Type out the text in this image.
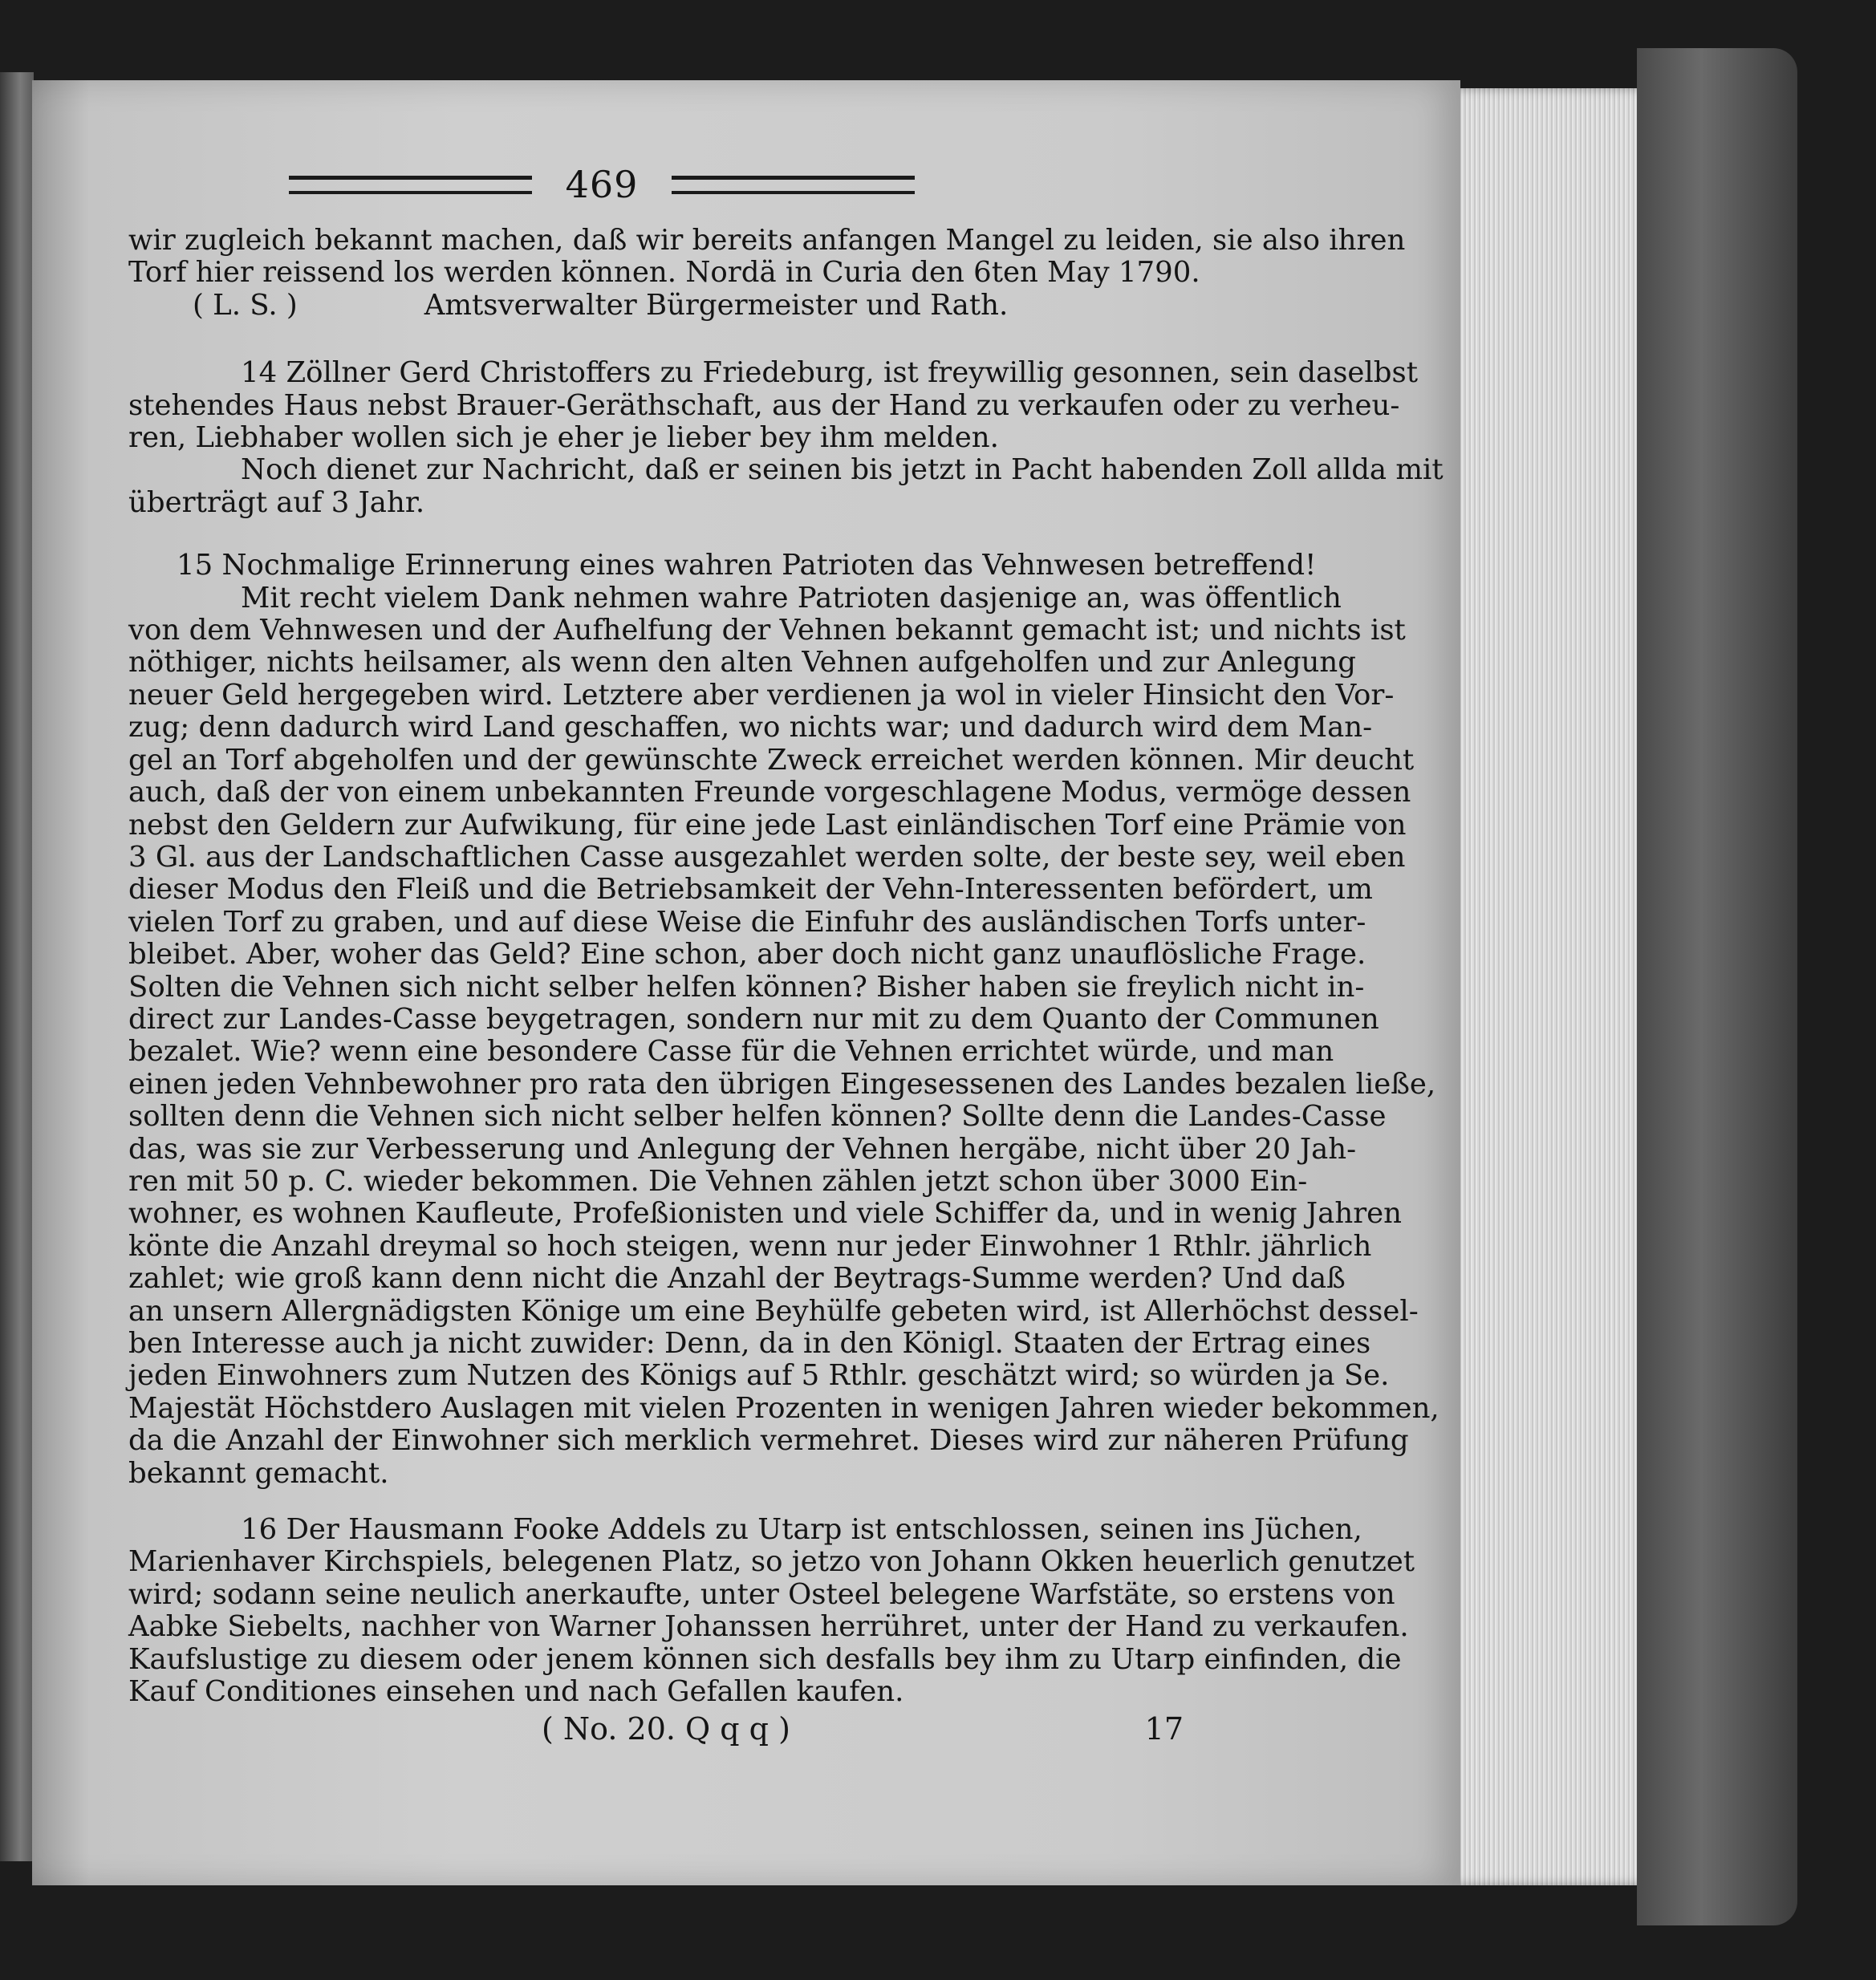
469
wir zugleich bekannt machen, daß wir bereits anfangen Mangel zu leiden, sie also ihren
Torf hier reissend los werden können. Nordä in Curia den 6ten May 1790.
( L. S. )              Amtsverwalter Bürgermeister und Rath.
14 Zöllner Gerd Christoffers zu Friedeburg, ist freywillig gesonnen, sein daselbst
stehendes Haus nebst Brauer-Geräthschaft, aus der Hand zu verkaufen oder zu verheu-
ren, Liebhaber wollen sich je eher je lieber bey ihm melden.
Noch dienet zur Nachricht, daß er seinen bis jetzt in Pacht habenden Zoll allda mit
überträgt auf 3 Jahr.
15 Nochmalige Erinnerung eines wahren Patrioten das Vehnwesen betreffend!
Mit recht vielem Dank nehmen wahre Patrioten dasjenige an, was öffentlich
von dem Vehnwesen und der Aufhelfung der Vehnen bekannt gemacht ist; und nichts ist
nöthiger, nichts heilsamer, als wenn den alten Vehnen aufgeholfen und zur Anlegung
neuer Geld hergegeben wird. Letztere aber verdienen ja wol in vieler Hinsicht den Vor-
zug; denn dadurch wird Land geschaffen, wo nichts war; und dadurch wird dem Man-
gel an Torf abgeholfen und der gewünschte Zweck erreichet werden können. Mir deucht
auch, daß der von einem unbekannten Freunde vorgeschlagene Modus, vermöge dessen
nebst den Geldern zur Aufwikung, für eine jede Last einländischen Torf eine Prämie von
3 Gl. aus der Landschaftlichen Casse ausgezahlet werden solte, der beste sey, weil eben
dieser Modus den Fleiß und die Betriebsamkeit der Vehn-Interessenten befördert, um
vielen Torf zu graben, und auf diese Weise die Einfuhr des ausländischen Torfs unter-
bleibet. Aber, woher das Geld? Eine schon, aber doch nicht ganz unauflösliche Frage.
Solten die Vehnen sich nicht selber helfen können? Bisher haben sie freylich nicht in-
direct zur Landes-Casse beygetragen, sondern nur mit zu dem Quanto der Communen
bezalet. Wie? wenn eine besondere Casse für die Vehnen errichtet würde, und man
einen jeden Vehnbewohner pro rata den übrigen Eingesessenen des Landes bezalen ließe,
sollten denn die Vehnen sich nicht selber helfen können? Sollte denn die Landes-Casse
das, was sie zur Verbesserung und Anlegung der Vehnen hergäbe, nicht über 20 Jah-
ren mit 50 p. C. wieder bekommen. Die Vehnen zählen jetzt schon über 3000 Ein-
wohner, es wohnen Kaufleute, Profeßionisten und viele Schiffer da, und in wenig Jahren
könte die Anzahl dreymal so hoch steigen, wenn nur jeder Einwohner 1 Rthlr. jährlich
zahlet; wie groß kann denn nicht die Anzahl der Beytrags-Summe werden? Und daß
an unsern Allergnädigsten Könige um eine Beyhülfe gebeten wird, ist Allerhöchst dessel-
ben Interesse auch ja nicht zuwider: Denn, da in den Königl. Staaten der Ertrag eines
jeden Einwohners zum Nutzen des Königs auf 5 Rthlr. geschätzt wird; so würden ja Se.
Majestät Höchstdero Auslagen mit vielen Prozenten in wenigen Jahren wieder bekommen,
da die Anzahl der Einwohner sich merklich vermehret. Dieses wird zur näheren Prüfung
bekannt gemacht.
16 Der Hausmann Fooke Addels zu Utarp ist entschlossen, seinen ins Jüchen,
Marienhaver Kirchspiels, belegenen Platz, so jetzo von Johann Okken heuerlich genutzet
wird; sodann seine neulich anerkaufte, unter Osteel belegene Warfstäte, so erstens von
Aabke Siebelts, nachher von Warner Johanssen herrühret, unter der Hand zu verkaufen.
Kaufslustige zu diesem oder jenem können sich desfalls bey ihm zu Utarp einfinden, die
Kauf Conditiones einsehen und nach Gefallen kaufen.
( No. 20. Q q q )	17
